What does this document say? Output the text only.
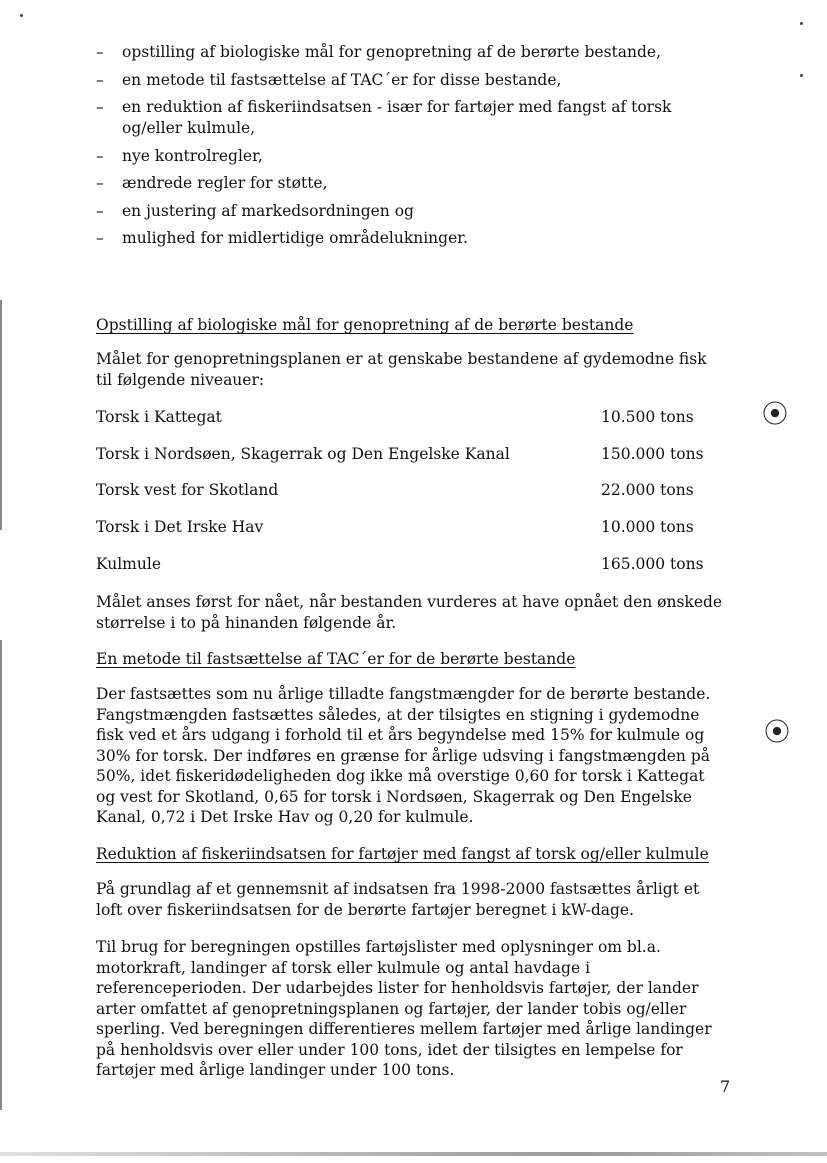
– opstilling af biologiske mål for genopretning af de berørte bestande,
– en metode til fastsættelse af TAC´er for disse bestande,
– en reduktion af fiskeriindsatsen - især for fartøjer med fangst af torsk og/eller kulmule,
– nye kontrolregler,
– ændrede regler for støtte,
– en justering af markedsordningen og
– mulighed for midlertidige områdelukninger.
Opstilling af biologiske mål for genopretning af de berørte bestande

Målet for genopretningsplanen er at genskabe bestandene af gydemodne fisk til følgende niveauer:

Torsk i Kattegat	10.500 tons
Torsk i Nordsøen, Skagerrak og Den Engelske Kanal	150.000 tons
Torsk vest for Skotland	22.000 tons
Torsk i Det Irske Hav	10.000 tons
Kulmule	165.000 tons

Målet anses først for nået, når bestanden vurderes at have opnået den ønskede størrelse i to på hinanden følgende år.

En metode til fastsættelse af TAC´er for de berørte bestande

Der fastsættes som nu årlige tilladte fangstmængder for de berørte bestande. Fangstmængden fastsættes således, at der tilsigtes en stigning i gydemodne fisk ved et års udgang i forhold til et års begyndelse med 15% for kulmule og 30% for torsk. Der indføres en grænse for årlige udsving i fangstmængden på 50%, idet fiskeridødeligheden dog ikke må overstige 0,60 for torsk i Kattegat og vest for Skotland, 0,65 for torsk i Nordsøen, Skagerrak og Den Engelske Kanal, 0,72 i Det Irske Hav og 0,20 for kulmule.

Reduktion af fiskeriindsatsen for fartøjer med fangst af torsk og/eller kulmule

På grundlag af et gennemsnit af indsatsen fra 1998-2000 fastsættes årligt et loft over fiskeriindsatsen for de berørte fartøjer beregnet i kW-dage.

Til brug for beregningen opstilles fartøjslister med oplysninger om bl.a. motorkraft, landinger af torsk eller kulmule og antal havdage i referenceperioden. Der udarbejdes lister for henholdsvis fartøjer, der lander arter omfattet af genopretningsplanen og fartøjer, der lander tobis og/eller sperling. Ved beregningen differentieres mellem fartøjer med årlige landinger på henholdsvis over eller under 100 tons, idet der tilsigtes en lempelse for fartøjer med årlige landinger under 100 tons.

7
⦿
⦿
